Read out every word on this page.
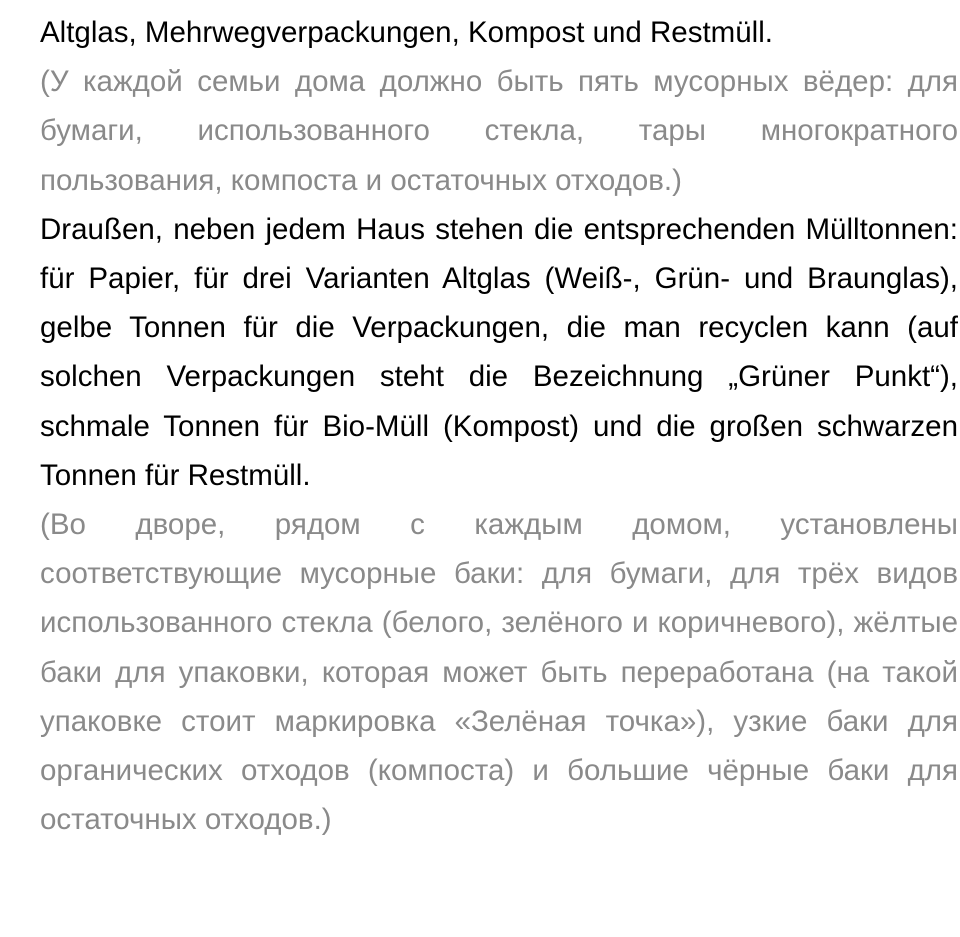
Altglas, Mehrwegverpackungen, Kompost und Restmüll.

(У каждой семьи дома должно быть пять мусорных вёдер: для бумаги, использованного стекла, тары многократного пользования, компоста и остаточных отходов.)

Draußen, neben jedem Haus stehen die entsprechenden Mülltonnen: für Papier, für drei Varianten Altglas (Weiß-, Grün- und Braunglas), gelbe Tonnen für die Verpackungen, die man recyclen kann (auf solchen Verpackungen steht die Bezeichnung „Grüner Punkt“), schmale Tonnen für Bio-Müll (Kompost) und die großen schwarzen Tonnen für Restmüll.

(Во дворе, рядом с каждым домом, установлены соответствующие мусорные баки: для бумаги, для трёх видов использованного стекла (белого, зелёного и коричневого), жёлтые баки для упаковки, которая может быть переработана (на такой упаковке стоит маркировка «Зелёная точка»), узкие баки для органических отходов (компоста) и большие чёрные баки для остаточных отходов.)
